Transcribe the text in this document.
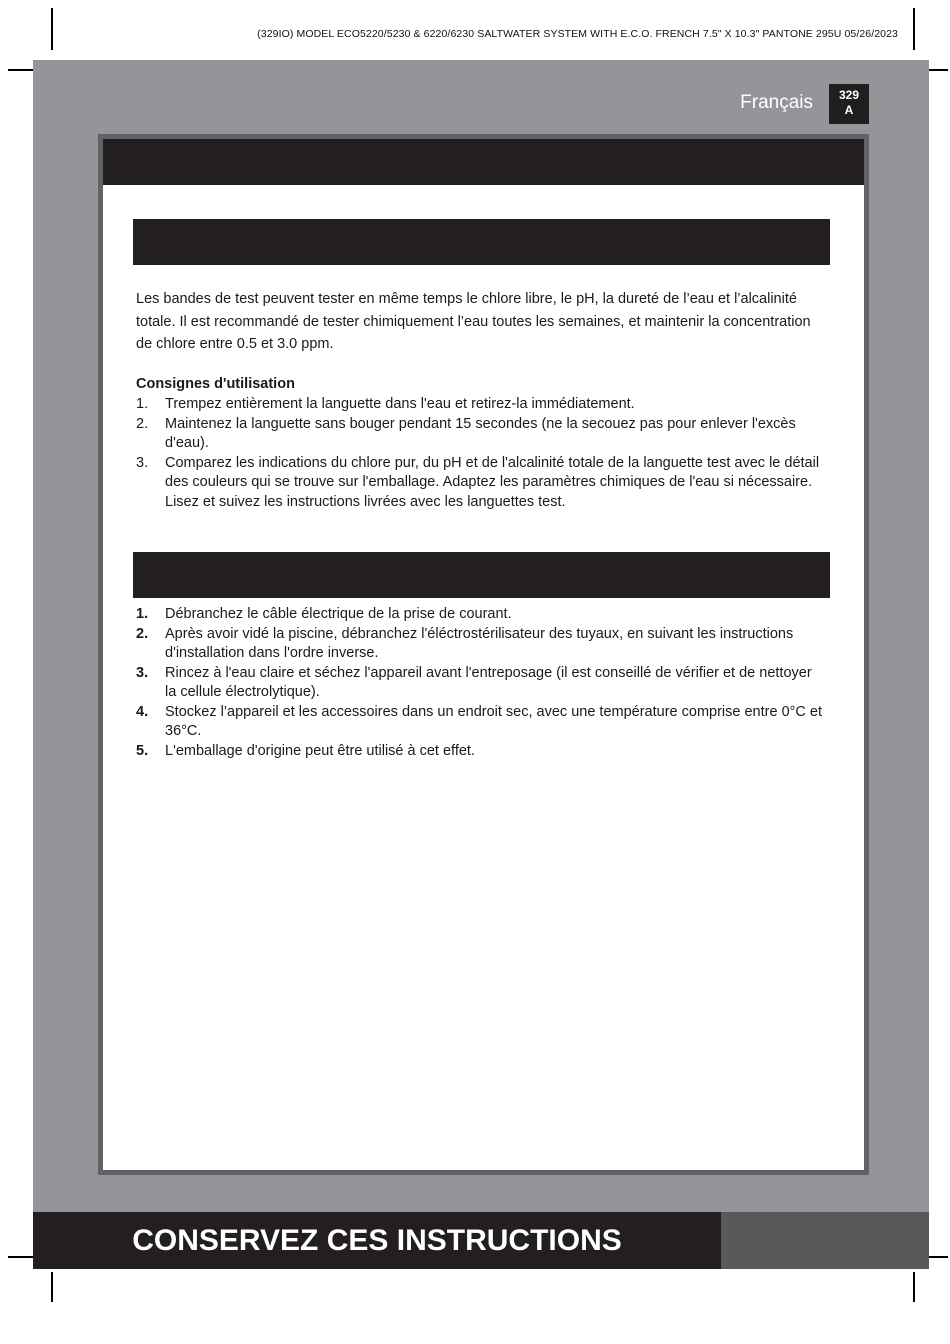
(329IO) MODEL ECO5220/5230 & 6220/6230 SALTWATER SYSTEM WITH E.C.O. FRENCH 7.5" X 10.3" PANTONE 295U 05/26/2023
Français	329
A

Les bandes de test peuvent tester en même temps le chlore libre, le pH, la dureté de l’eau et l’alcalinité totale. Il est recommandé de tester chimiquement l’eau toutes les semaines, et maintenir la concentration de chlore entre 0.5 et 3.0 ppm.

Consignes d'utilisation

1. Trempez entièrement la languette dans l'eau et retirez-la immédiatement.
2. Maintenez la languette sans bouger pendant 15 secondes (ne la secouez pas pour enlever l'excès d'eau).
3. Comparez les indications du chlore pur, du pH et de l'alcalinité totale de la languette test avec le détail des couleurs qui se trouve sur l'emballage. Adaptez les paramètres chimiques de l'eau si nécessaire. Lisez et suivez les instructions livrées avec les languettes test.
1. Débranchez le câble électrique de la prise de courant.
2. Après avoir vidé la piscine, débranchez l'éléctrostérilisateur des tuyaux, en suivant les instructions d'installation dans l'ordre inverse.
3. Rincez à l'eau claire et séchez l'appareil avant l'entreposage (il est conseillé de vérifier et de nettoyer la cellule électrolytique).
4. Stockez l’appareil et les accessoires dans un endroit sec, avec une température comprise entre 0°C et 36°C.
5. L'emballage d'origine peut être utilisé à cet effet.
CONSERVEZ CES INSTRUCTIONS
